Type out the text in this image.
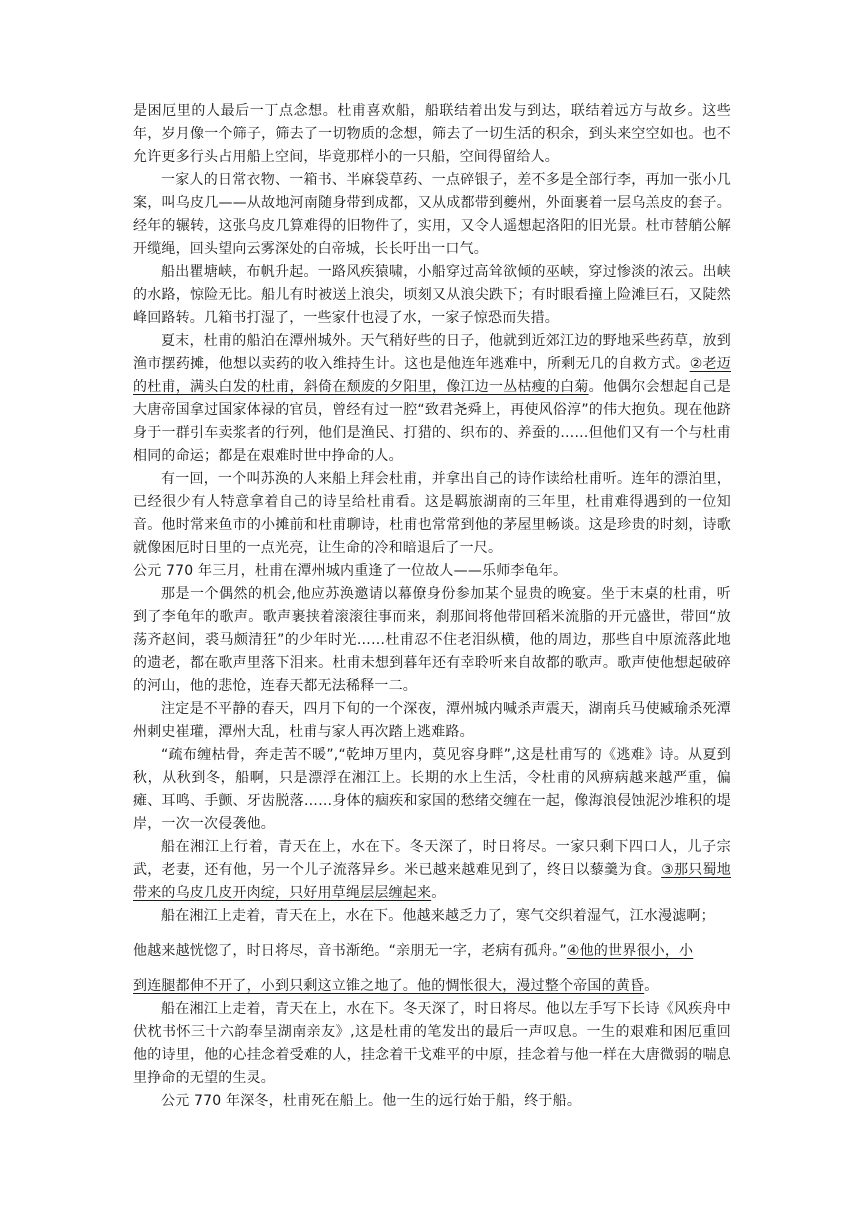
是困厄里的人最后一丁点念想。杜甫喜欢船，船联结着出发与到达，联结着远方与故乡。这些年，岁月像一个筛子，筛去了一切物质的念想，筛去了一切生活的积余，到头来空空如也。也不允许更多行头占用船上空间，毕竟那样小的一只船，空间得留给人。

一家人的日常衣物、一箱书、半麻袋草药、一点碎银子，差不多是全部行李，再加一张小几案，叫乌皮几——从故地河南随身带到成都，又从成都带到夔州，外面裹着一层乌羔皮的套子。经年的辗转，这张乌皮几算难得的旧物件了，实用，又令人遥想起洛阳的旧光景。杜市替艄公解开缆绳，回头望向云雾深处的白帝城，长长吁出一口气。

船出瞿塘峡，布帆升起。一路风疾猿啸，小船穿过高耸欲倾的巫峡，穿过惨淡的浓云。出峡的水路，惊险无比。船儿有时被送上浪尖，顷刻又从浪尖跌下；有时眼看撞上险滩巨石，又陡然峰回路转。几箱书打湿了，一些家什也浸了水，一家子惊恐而失措。

夏末，杜甫的船泊在潭州城外。天气稍好些的日子，他就到近郊江边的野地采些药草，放到渔市摆药摊，他想以卖药的收入维持生计。这也是他连年逃难中，所剩无几的自救方式。②老迈的杜甫，满头白发的杜甫，斜倚在颓废的夕阳里，像江边一丛枯瘦的白菊。他偶尔会想起自己是大唐帝国拿过国家体禄的官员，曾经有过一腔“致君尧舜上，再使风俗淳”的伟大抱负。现在他跻身于一群引车卖浆者的行列，他们是渔民、打猎的、织布的、养蚕的……但他们又有一个与杜甫相同的命运；都是在艰难时世中挣命的人。

有一回，一个叫苏涣的人来船上拜会杜甫，并拿出自己的诗作读给杜甫听。连年的漂泊里，已经很少有人特意拿着自己的诗呈给杜甫看。这是羁旅湖南的三年里，杜甫难得遇到的一位知音。他时常来鱼市的小摊前和杜甫聊诗，杜甫也常常到他的茅屋里畅谈。这是珍贵的时刻，诗歌就像困厄时日里的一点光亮，让生命的冷和暗退后了一尺。

公元 770 年三月，杜甫在潭州城内重逢了一位故人——乐师李龟年。

那是一个偶然的机会,他应苏涣邀请以幕僚身份参加某个显贵的晚宴。坐于末桌的杜甫，听到了李龟年的歌声。歌声裹挟着滚滚往事而来，刹那间将他带回稻米流脂的开元盛世，带回“放荡齐赵间，裘马颇清狂”的少年时光……杜甫忍不住老泪纵横，他的周边，那些自中原流落此地的遗老，都在歌声里落下泪来。杜甫未想到暮年还有幸聆听来自故都的歌声。歌声使他想起破碎的河山，他的悲怆，连春天都无法稀释一二。

注定是不平静的春天，四月下旬的一个深夜，潭州城内喊杀声震天，湖南兵马使臧瑜杀死潭州刺史崔瓘，潭州大乱，杜甫与家人再次踏上逃难路。

“疏布缠枯骨，奔走苦不暖”,“乾坤万里内，莫见容身畔”,这是杜甫写的《逃难》诗。从夏到秋，从秋到冬，船啊，只是漂浮在湘江上。长期的水上生活，令杜甫的风痹病越来越严重，偏瘫、耳鸣、手颤、牙齿脱落……身体的痼疾和家国的愁绪交缠在一起，像海浪侵蚀泥沙堆积的堤岸，一次一次侵袭他。

船在湘江上行着，青天在上，水在下。冬天深了，时日将尽。一家只剩下四口人，儿子宗武，老妻，还有他，另一个儿子流落异乡。米已越来越难见到了，终日以藜羹为食。③那只蜀地带来的乌皮几皮开肉绽，只好用草绳层层缠起来。

船在湘江上走着，青天在上，水在下。他越来越乏力了，寒气交织着湿气，江水漫滤啊；

他越来越恍惚了，时日将尽，音书渐绝。“亲朋无一字，老病有孤舟。”④他的世界很小，小

到连腿都伸不开了，小到只剩这立锥之地了。他的惆怅很大，漫过整个帝国的黄昏。

船在湘江上走着，青天在上，水在下。冬天深了，时日将尽。他以左手写下长诗《风疾舟中伏枕书怀三十六韵奉呈湖南亲友》,这是杜甫的笔发出的最后一声叹息。一生的艰难和困厄重回他的诗里，他的心挂念着受难的人，挂念着干戈难平的中原，挂念着与他一样在大唐微弱的喘息里挣命的无望的生灵。

公元 770 年深冬，杜甫死在船上。他一生的远行始于船，终于船。
